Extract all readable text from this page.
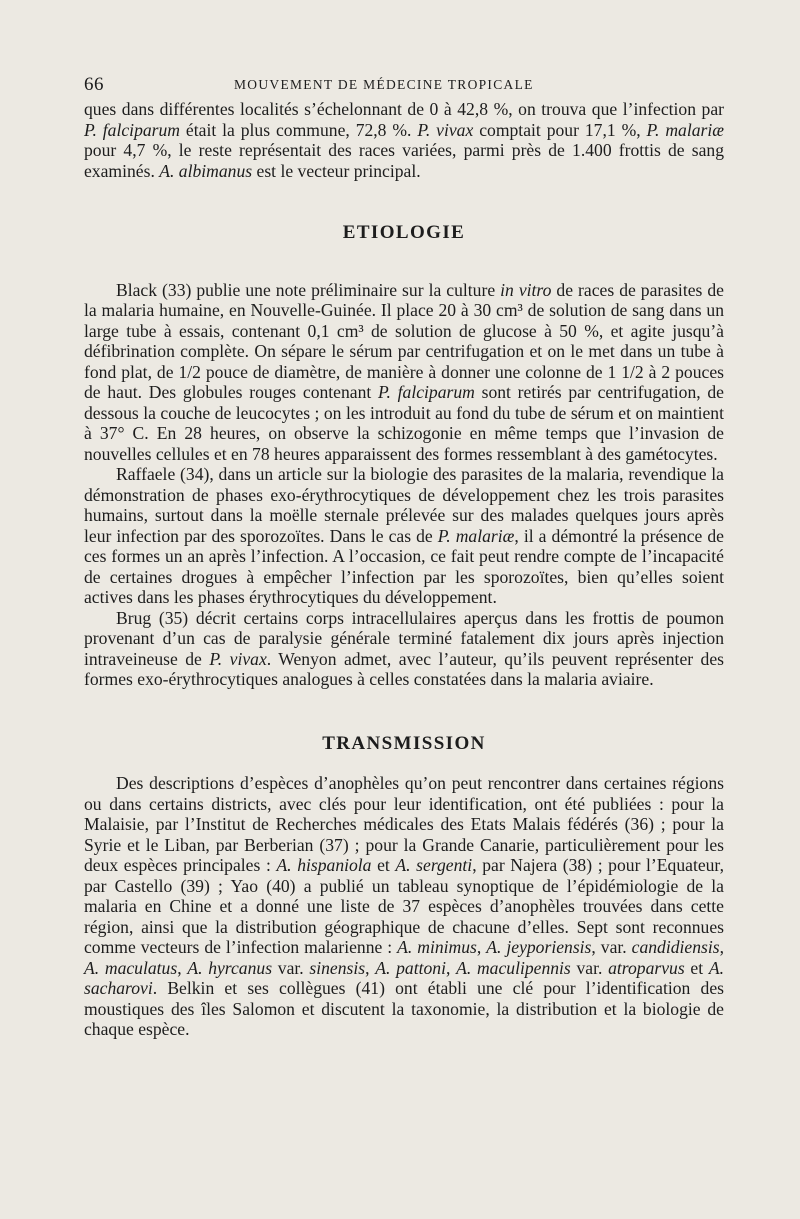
66	MOUVEMENT DE MÉDECINE TROPICALE

ques dans différentes localités s’échelonnant de 0 à 42,8 %, on trouva que l’infection par P. falciparum était la plus commune, 72,8 %. P. vivax comptait pour 17,1 %, P. malariæ pour 4,7 %, le reste représentait des races variées, parmi près de 1.400 frottis de sang examinés. A. albimanus est le vecteur principal.

ETIOLOGIE

Black (33) publie une note préliminaire sur la culture in vitro de races de parasites de la malaria humaine, en Nouvelle-Guinée. Il place 20 à 30 cm³ de solution de sang dans un large tube à essais, contenant 0,1 cm³ de solution de glucose à 50 %, et agite jusqu’à défibrination complète. On sépare le sérum par centrifugation et on le met dans un tube à fond plat, de 1/2 pouce de diamètre, de manière à donner une colonne de 1 1/2 à 2 pouces de haut. Des globules rouges contenant P. falciparum sont retirés par centrifugation, de dessous la couche de leucocytes ; on les introduit au fond du tube de sérum et on maintient à 37° C. En 28 heures, on observe la schizogonie en même temps que l’invasion de nouvelles cellules et en 78 heures apparaissent des formes ressemblant à des gamétocytes.

Raffaele (34), dans un article sur la biologie des parasites de la malaria, revendique la démonstration de phases exo-érythrocytiques de développement chez les trois parasites humains, surtout dans la moëlle sternale prélevée sur des malades quelques jours après leur infection par des sporozoïtes. Dans le cas de P. malariæ, il a démontré la présence de ces formes un an après l’infection. A l’occasion, ce fait peut rendre compte de l’incapacité de certaines drogues à empêcher l’infection par les sporozoïtes, bien qu’elles soient actives dans les phases érythrocytiques du développement.

Brug (35) décrit certains corps intracellulaires aperçus dans les frottis de poumon provenant d’un cas de paralysie générale terminé fatalement dix jours après injection intraveineuse de P. vivax. Wenyon admet, avec l’auteur, qu’ils peuvent représenter des formes exo-érythrocytiques analogues à celles constatées dans la malaria aviaire.

TRANSMISSION

Des descriptions d’espèces d’anophèles qu’on peut rencontrer dans certaines régions ou dans certains districts, avec clés pour leur identification, ont été publiées : pour la Malaisie, par l’Institut de Recherches médicales des Etats Malais fédérés (36) ; pour la Syrie et le Liban, par Berberian (37) ; pour la Grande Canarie, particulièrement pour les deux espèces principales : A. hispaniola et A. sergenti, par Najera (38) ; pour l’Equateur, par Castello (39) ; Yao (40) a publié un tableau synoptique de l’épidémiologie de la malaria en Chine et a donné une liste de 37 espèces d’anophèles trouvées dans cette région, ainsi que la distribution géographique de chacune d’elles. Sept sont reconnues comme vecteurs de l’infection malarienne : A. minimus, A. jeyporiensis, var. candidiensis, A. maculatus, A. hyrcanus var. sinensis, A. pattoni, A. maculipennis var. atroparvus et A. sacharovi. Belkin et ses collègues (41) ont établi une clé pour l’identification des moustiques des îles Salomon et discutent la taxonomie, la distribution et la biologie de chaque espèce.
